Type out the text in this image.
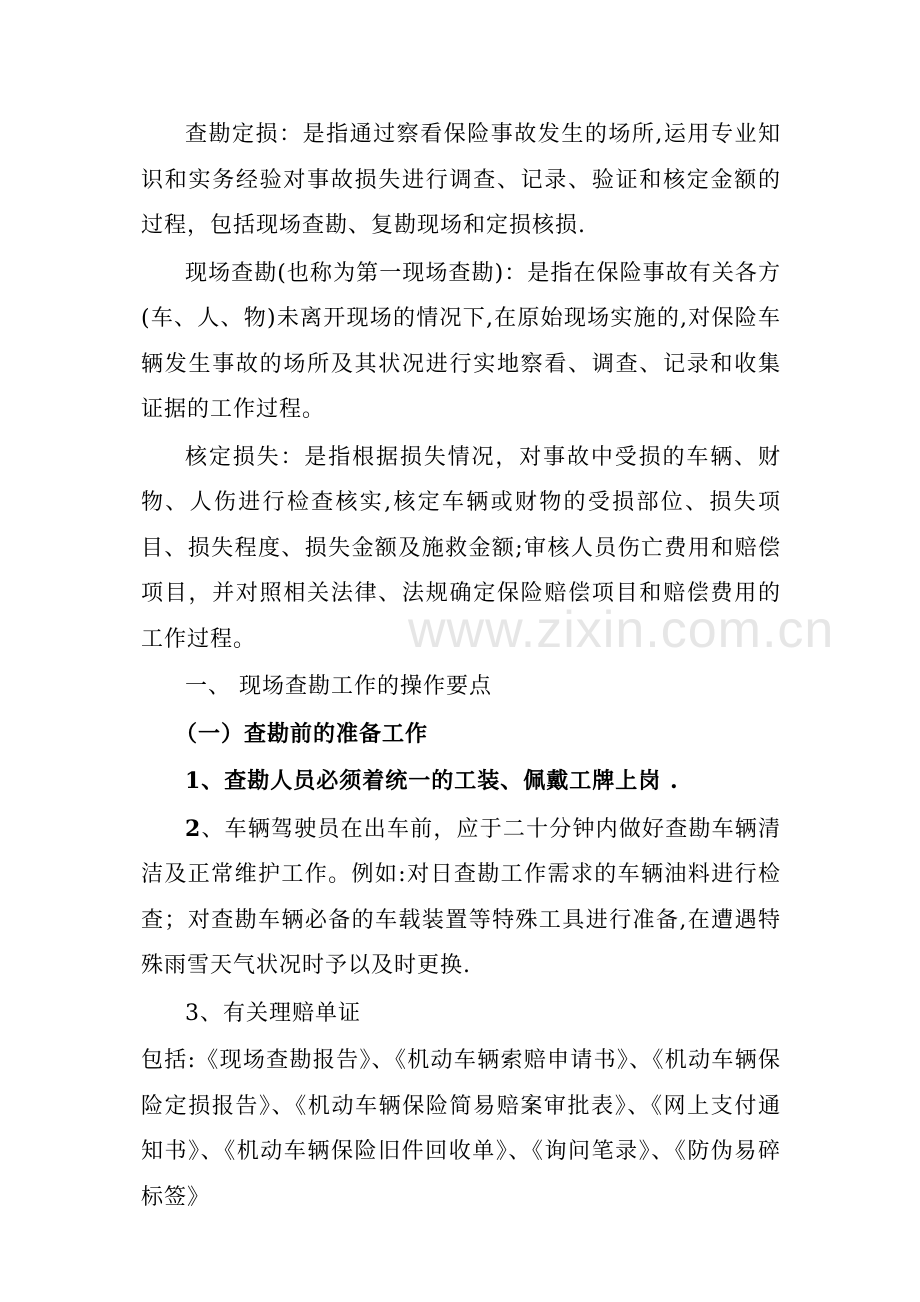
www.zixin.com.cn

查勘定损：是指通过察看保险事故发生的场所,运用专业知识和实务经验对事故损失进行调查、记录、验证和核定金额的过程，包括现场查勘、复勘现场和定损核损.

现场查勘(也称为第一现场查勘)：是指在保险事故有关各方(车、人、物)未离开现场的情况下,在原始现场实施的,对保险车辆发生事故的场所及其状况进行实地察看、调查、记录和收集证据的工作过程。

核定损失：是指根据损失情况，对事故中受损的车辆、财物、人伤进行检查核实,核定车辆或财物的受损部位、损失项目、损失程度、损失金额及施救金额;审核人员伤亡费用和赔偿项目，并对照相关法律、法规确定保险赔偿项目和赔偿费用的工作过程。

一、 现场查勘工作的操作要点

（一）查勘前的准备工作

1、查勘人员必须着统一的工装、佩戴工牌上岗 .

2、车辆驾驶员在出车前，应于二十分钟内做好查勘车辆清洁及正常维护工作。例如:对日查勘工作需求的车辆油料进行检查；对查勘车辆必备的车载装置等特殊工具进行准备,在遭遇特殊雨雪天气状况时予以及时更换.

3、有关理赔单证

包括:《现场查勘报告》、《机动车辆索赔申请书》、《机动车辆保险定损报告》、《机动车辆保险简易赔案审批表》、《网上支付通知书》、《机动车辆保险旧件回收单》、《询问笔录》、《防伪易碎标签》
